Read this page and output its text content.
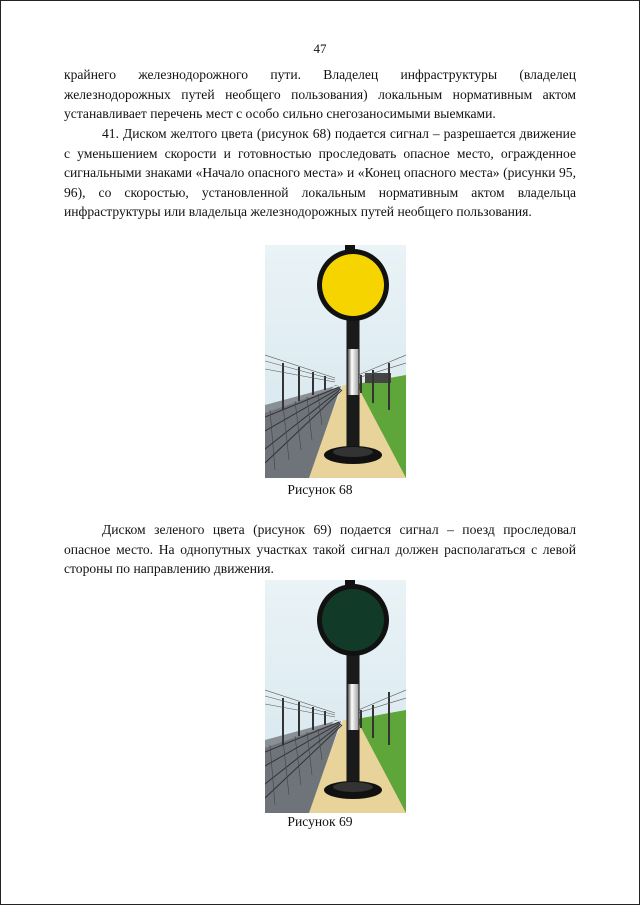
47

крайнего железнодорожного пути. Владелец инфраструктуры (владелец железнодорожных путей необщего пользования) локальным нормативным актом устанавливает перечень мест с особо сильно снегозаносимыми выемками.

41. Диском желтого цвета (рисунок 68) подается сигнал – разрешается движение с уменьшением скорости и готовностью проследовать опасное место, огражденное сигнальными знаками «Начало опасного места» и «Конец опасного места» (рисунки 95, 96), со скоростью, установленной локальным нормативным актом владельца инфраструктуры или владельца железнодорожных путей необщего пользования.

Рисунок 68

Диском зеленого цвета (рисунок 69) подается сигнал – поезд проследовал опасное место. На однопутных участках такой сигнал должен располагаться с левой стороны по направлению движения.

Рисунок 69
